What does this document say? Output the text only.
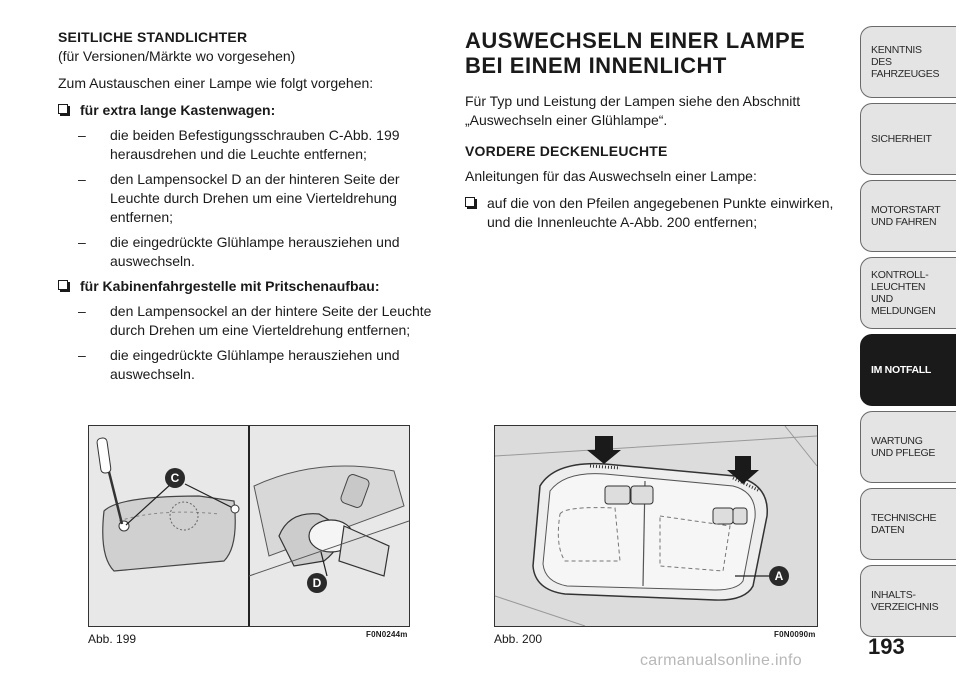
SEITLICHE STANDLICHTER

(für Versionen/Märkte wo vorgesehen)

Zum Austauschen einer Lampe wie folgt vorgehen:

für extra lange Kastenwagen:
– die beiden Befestigungsschrauben C-Abb. 199 herausdrehen und die Leuchte entfernen;
– den Lampensockel D an der hinteren Seite der Leuchte durch Drehen um eine Vierteldrehung entfernen;
– die eingedrückte Glühlampe herausziehen und auswechseln.
für Kabinenfahrgestelle mit Pritschenaufbau:
– den Lampensockel an der hintere Seite der Leuchte durch Drehen um eine Vierteldrehung entfernen;
– die eingedrückte Glühlampe herausziehen und auswechseln.
AUSWECHSELN EINER LAMPE
BEI EINEM INNENLICHT

Für Typ und Leistung der Lampen siehe den Abschnitt „Auswechseln einer Glühlampe“.

VORDERE DECKENLEUCHTE

Anleitungen für das Auswechseln einer Lampe:

auf die von den Pfeilen angegebenen Punkte einwirken, und die Innenleuchte A-Abb. 200 entfernen;
C
D
Abb. 199	F0N0244m
A
Abb. 200	F0N0090m
KENNTNIS
DES FAHRZEUGES
SICHERHEIT
MOTORSTART
UND FAHREN
KONTROLL-
LEUCHTEN
UND MELDUNGEN
IM NOTFALL
WARTUNG
UND PFLEGE
TECHNISCHE
DATEN
INHALTS-
VERZEICHNIS
193
carmanualsonline.info
